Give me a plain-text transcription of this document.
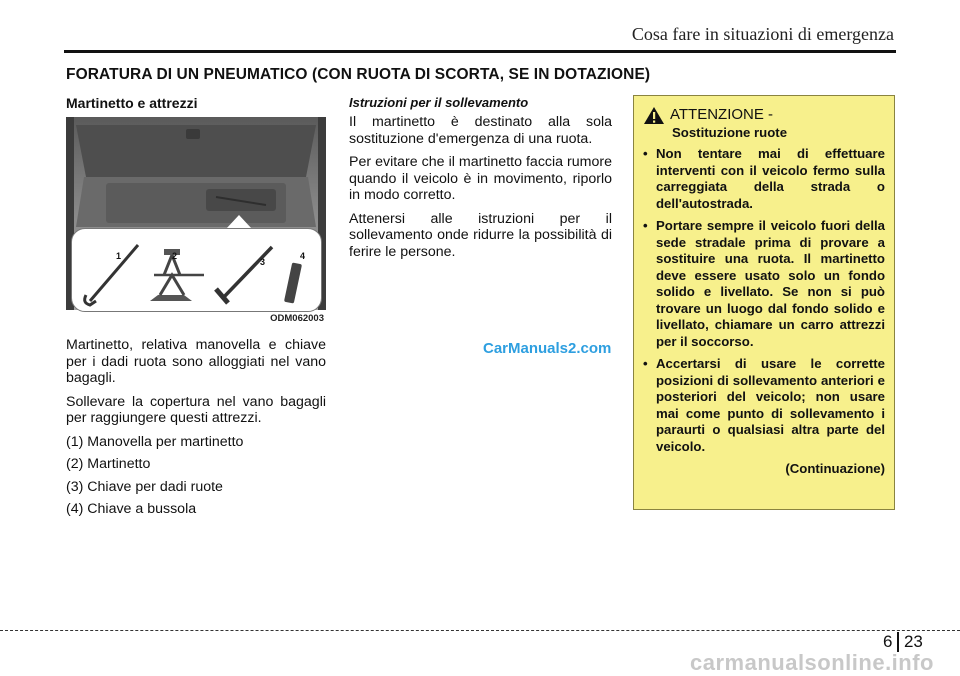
Cosa fare in situazioni di emergenza
FORATURA DI UN PNEUMATICO (CON RUOTA DI SCORTA, SE IN DOTAZIONE)
Martinetto e attrezzi
1	2
3
4
ODM062003

Martinetto, relativa manovella e chiave per i dadi ruota sono alloggiati nel vano bagagli.

Sollevare la copertura nel vano bagagli per raggiungere questi attrezzi.

(1) Manovella per martinetto
(2) Martinetto
(3) Chiave per dadi ruote
(4) Chiave a bussola
Istruzioni per il sollevamento

Il martinetto è destinato alla sola sostituzione d'emergenza di una ruota.

Per evitare che il martinetto faccia rumore quando il veicolo è in movimento, riporlo in modo corretto.

Attenersi alle istruzioni per il sollevamento onde ridurre la possibilità di ferire le persone.

ATTENZIONE -
Sostituzione ruote
• Non tentare mai di effettuare interventi con il veicolo fermo sulla carreggiata della strada o dell'autostrada.
• Portare sempre il veicolo fuori della sede stradale prima di provare a sostituire una ruota. Il martinetto deve essere usato solo un fondo solido e livellato. Se non si può trovare un luogo dal fondo solido e livellato, chiamare un carro attrezzi per il soccorso.
• Accertarsi di usare le corrette posizioni di sollevamento anteriori e posteriori del veicolo; non usare mai come punto di sollevamento i paraurti o qualsiasi altra parte del veicolo.
(Continuazione)
CarManuals2.com
6 23
carmanualsonline.info
